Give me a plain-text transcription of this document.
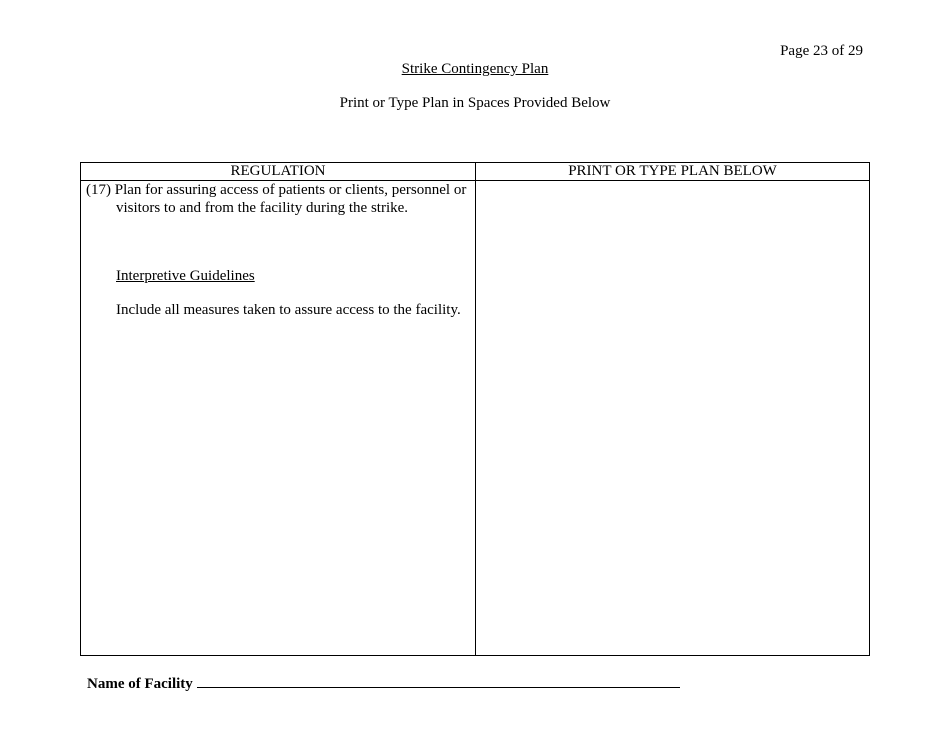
Page 23 of 29
Strike Contingency Plan
Print or Type Plan in Spaces Provided Below
REGULATION	PRINT OR TYPE PLAN BELOW
(17) Plan for assuring access of patients or clients, personnel or visitors to and from the facility during the strike.
Interpretive Guidelines
Include all measures taken to assure access to the facility.
Name of Facility
